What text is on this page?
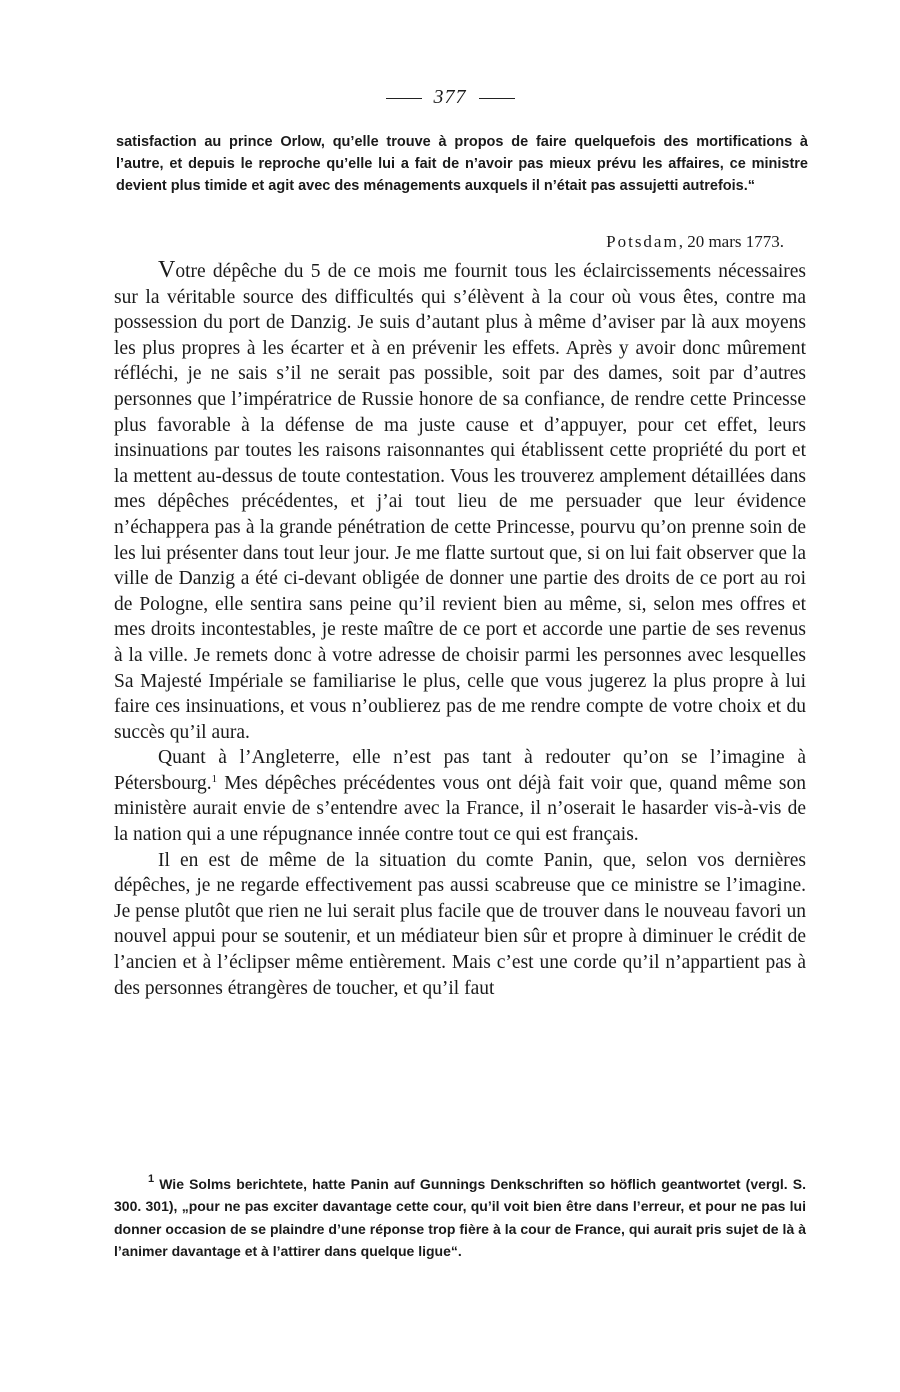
377
satisfaction au prince Orlow, qu’elle trouve à propos de faire quelquefois des mortifications à l’autre, et depuis le reproche qu’elle lui a fait de n’avoir pas mieux prévu les affaires, ce ministre devient plus timide et agit avec des ménagements auxquels il n’était pas assujetti autrefois.“
Potsdam, 20 mars 1773.

Votre dépêche du 5 de ce mois me fournit tous les éclaircissements nécessaires sur la véritable source des difficultés qui s’élèvent à la cour où vous êtes, contre ma possession du port de Danzig. Je suis d’autant plus à même d’aviser par là aux moyens les plus propres à les écarter et à en prévenir les effets. Après y avoir donc mûrement réfléchi, je ne sais s’il ne serait pas possible, soit par des dames, soit par d’autres personnes que l’impératrice de Russie honore de sa confiance, de rendre cette Princesse plus favorable à la défense de ma juste cause et d’appuyer, pour cet effet, leurs insinuations par toutes les raisons raisonnantes qui établissent cette propriété du port et la mettent au-dessus de toute contestation. Vous les trouverez amplement détaillées dans mes dépêches précédentes, et j’ai tout lieu de me persuader que leur évidence n’échappera pas à la grande pénétration de cette Princesse, pourvu qu’on prenne soin de les lui présenter dans tout leur jour. Je me flatte surtout que, si on lui fait observer que la ville de Danzig a été ci-devant obligée de donner une partie des droits de ce port au roi de Pologne, elle sentira sans peine qu’il revient bien au même, si, selon mes offres et mes droits incontestables, je reste maître de ce port et accorde une partie de ses revenus à la ville. Je remets donc à votre adresse de choisir parmi les personnes avec lesquelles Sa Majesté Impériale se familiarise le plus, celle que vous jugerez la plus propre à lui faire ces insinuations, et vous n’oublierez pas de me rendre compte de votre choix et du succès qu’il aura.

Quant à l’Angleterre, elle n’est pas tant à redouter qu’on se l’imagine à Pétersbourg.$^1$ Mes dépêches précédentes vous ont déjà fait voir que, quand même son ministère aurait envie de s’entendre avec la France, il n’oserait le hasarder vis-à-vis de la nation qui a une répugnance innée contre tout ce qui est français.

Il en est de même de la situation du comte Panin, que, selon vos dernières dépêches, je ne regarde effectivement pas aussi scabreuse que ce ministre se l’imagine. Je pense plutôt que rien ne lui serait plus facile que de trouver dans le nouveau favori un nouvel appui pour se soutenir, et un médiateur bien sûr et propre à diminuer le crédit de l’ancien et à l’éclipser même entièrement. Mais c’est une corde qu’il n’appartient pas à des personnes étrangères de toucher, et qu’il faut

$^1$ Wie Solms berichtete, hatte Panin auf Gunnings Denkschriften so höflich geantwortet (vergl. S. 300. 301), „pour ne pas exciter davantage cette cour, qu’il voit bien être dans l’erreur, et pour ne pas lui donner occasion de se plaindre d’une réponse trop fière à la cour de France, qui aurait pris sujet de là à l’animer davantage et à l’attirer dans quelque ligue“.
